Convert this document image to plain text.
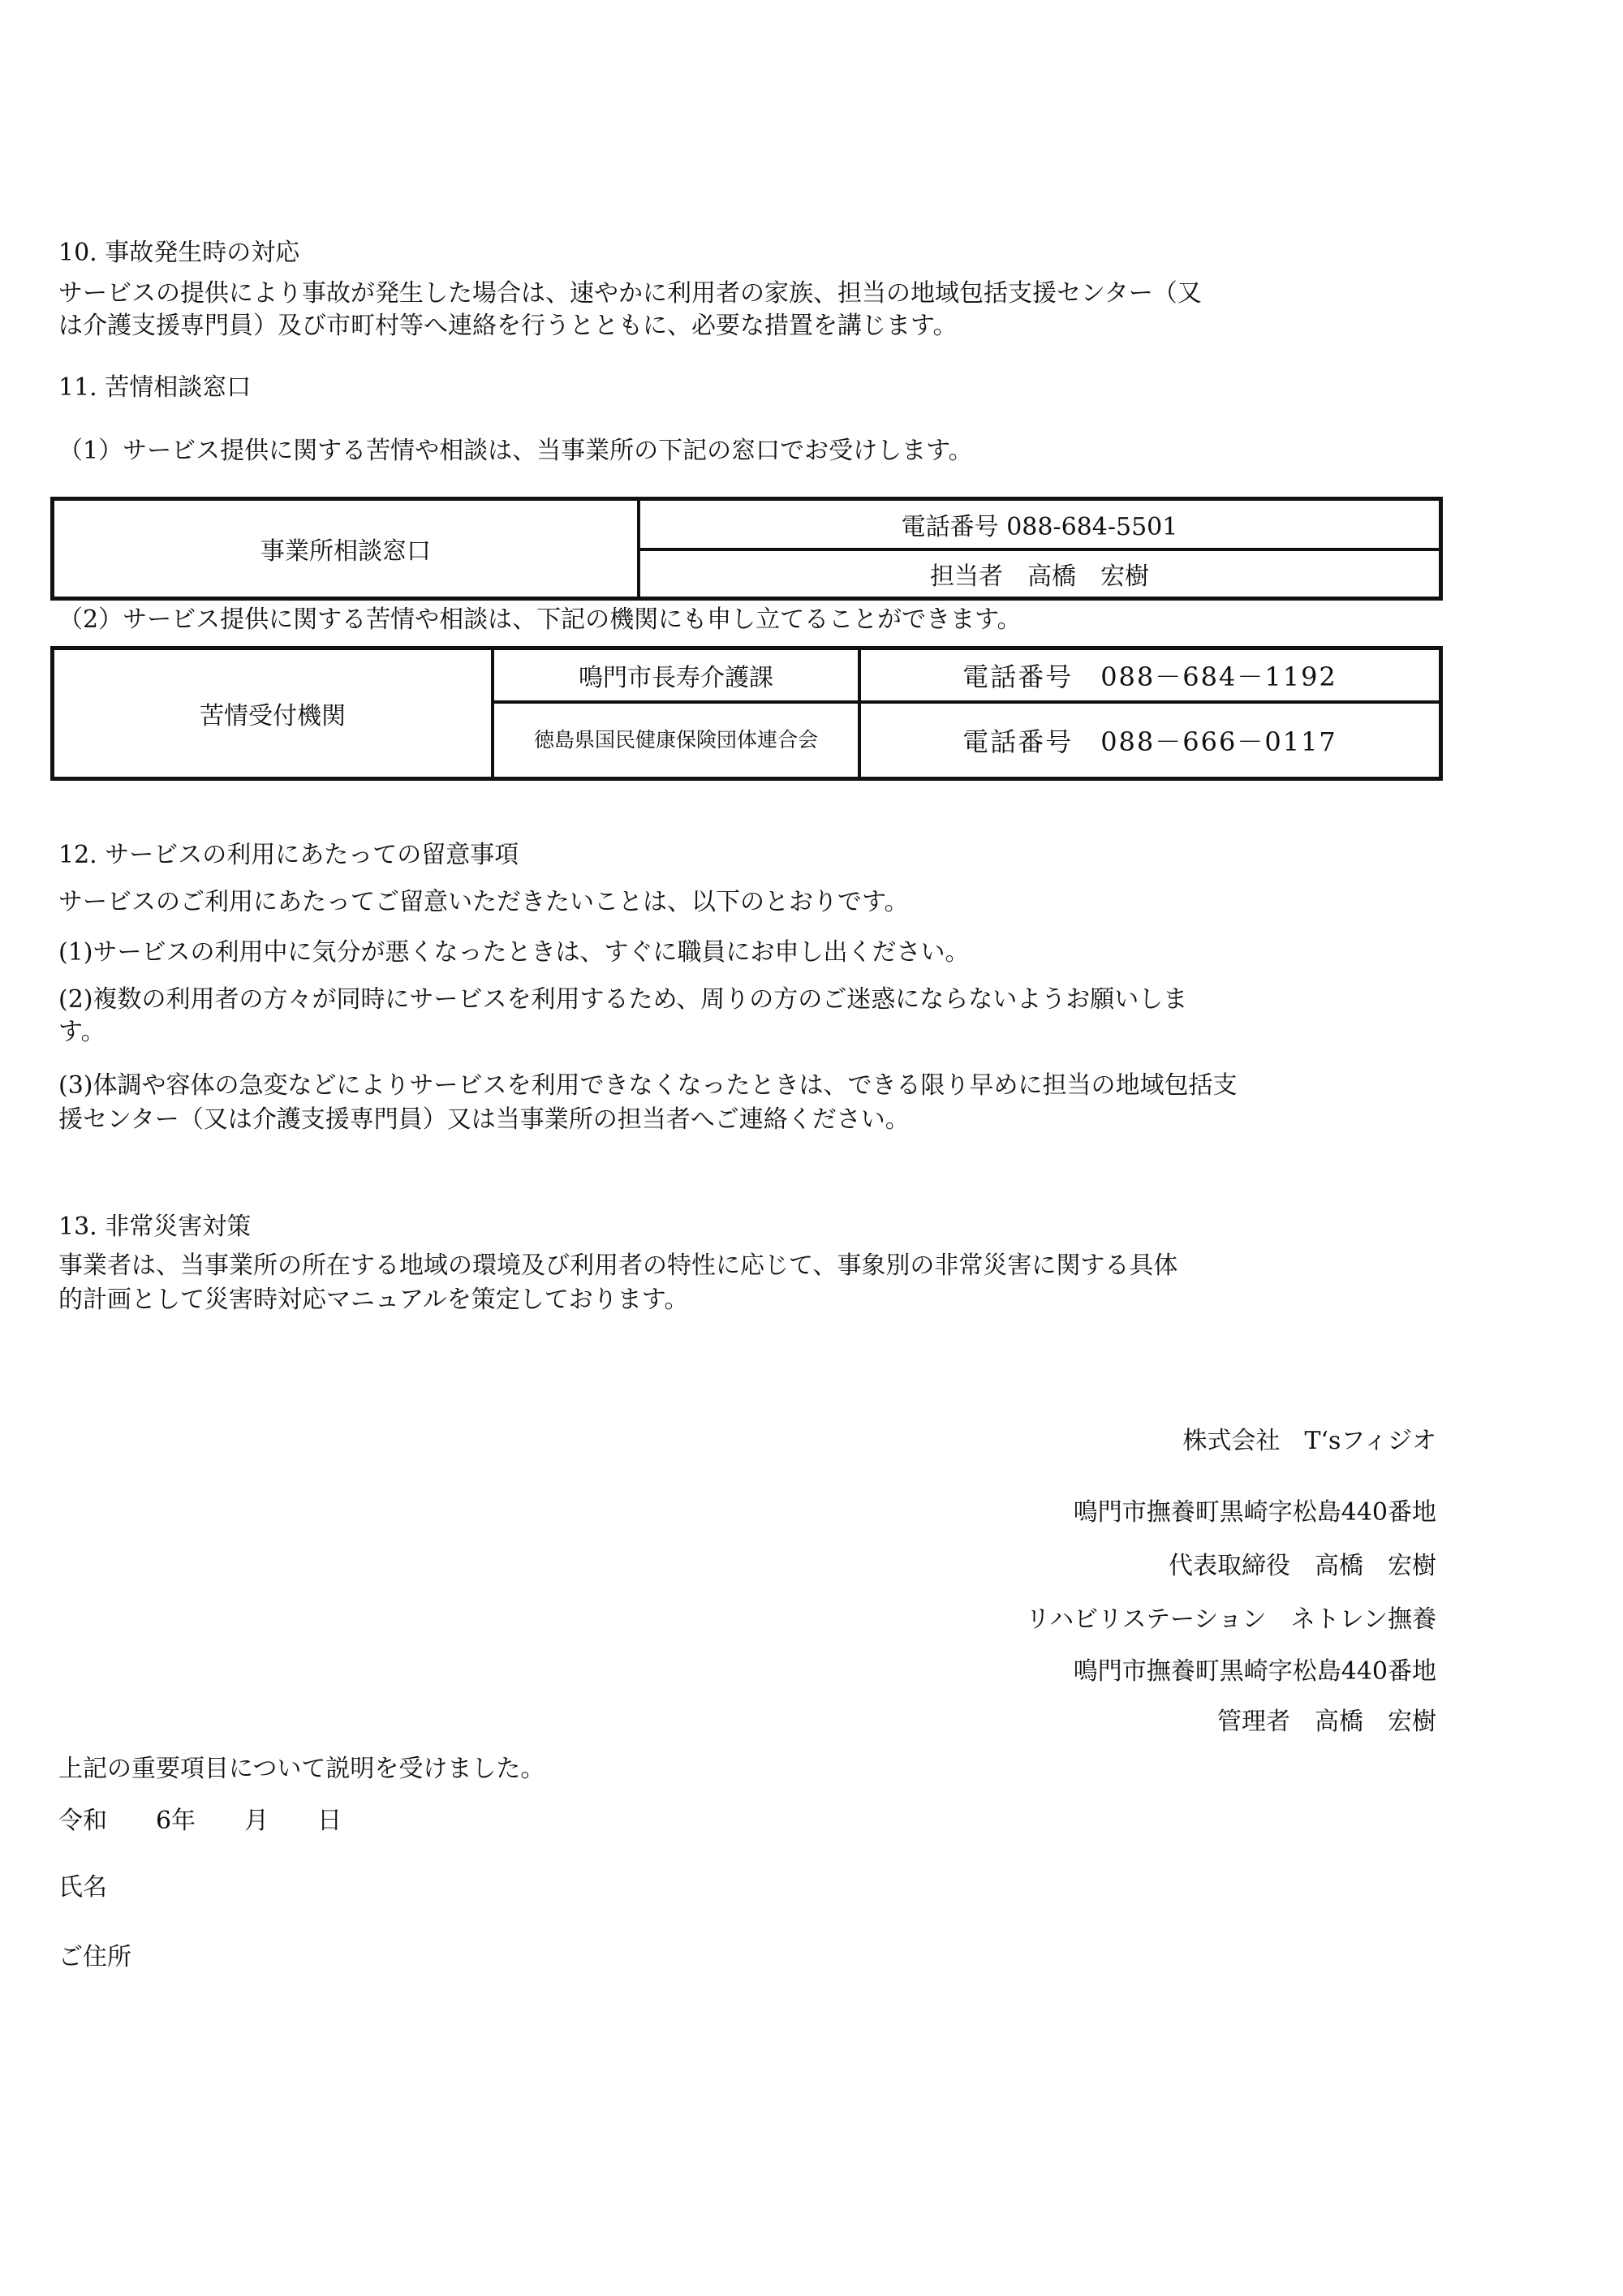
10. 事故発生時の対応
サービスの提供により事故が発生した場合は、速やかに利用者の家族、担当の地域包括支援センター（又
は介護支援専門員）及び市町村等へ連絡を行うとともに、必要な措置を講じます。
11. 苦情相談窓口
（1）サービス提供に関する苦情や相談は、当事業所の下記の窓口でお受けします。
事業所相談窓口
電話番号 088-684-5501
担当者　高橋　宏樹
（2）サービス提供に関する苦情や相談は、下記の機関にも申し立てることができます。
苦情受付機関
鳴門市長寿介護課	電話番号　088－684－1192
徳島県国民健康保険団体連合会	電話番号　088－666－0117
12. サービスの利用にあたっての留意事項
サービスのご利用にあたってご留意いただきたいことは、以下のとおりです。
(1)サービスの利用中に気分が悪くなったときは、すぐに職員にお申し出ください。
(2)複数の利用者の方々が同時にサービスを利用するため、周りの方のご迷惑にならないようお願いしま
す。
(3)体調や容体の急変などによりサービスを利用できなくなったときは、できる限り早めに担当の地域包括支
援センター（又は介護支援専門員）又は当事業所の担当者へご連絡ください。
13. 非常災害対策
事業者は、当事業所の所在する地域の環境及び利用者の特性に応じて、事象別の非常災害に関する具体
的計画として災害時対応マニュアルを策定しております。
株式会社　T‘sフィジオ
鳴門市撫養町黒崎字松島440番地
代表取締役　高橋　宏樹
リハビリステーション　ネトレン撫養
鳴門市撫養町黒崎字松島440番地
管理者　高橋　宏樹
上記の重要項目について説明を受けました。
令和　　6年　　月　　日
氏名
ご住所
